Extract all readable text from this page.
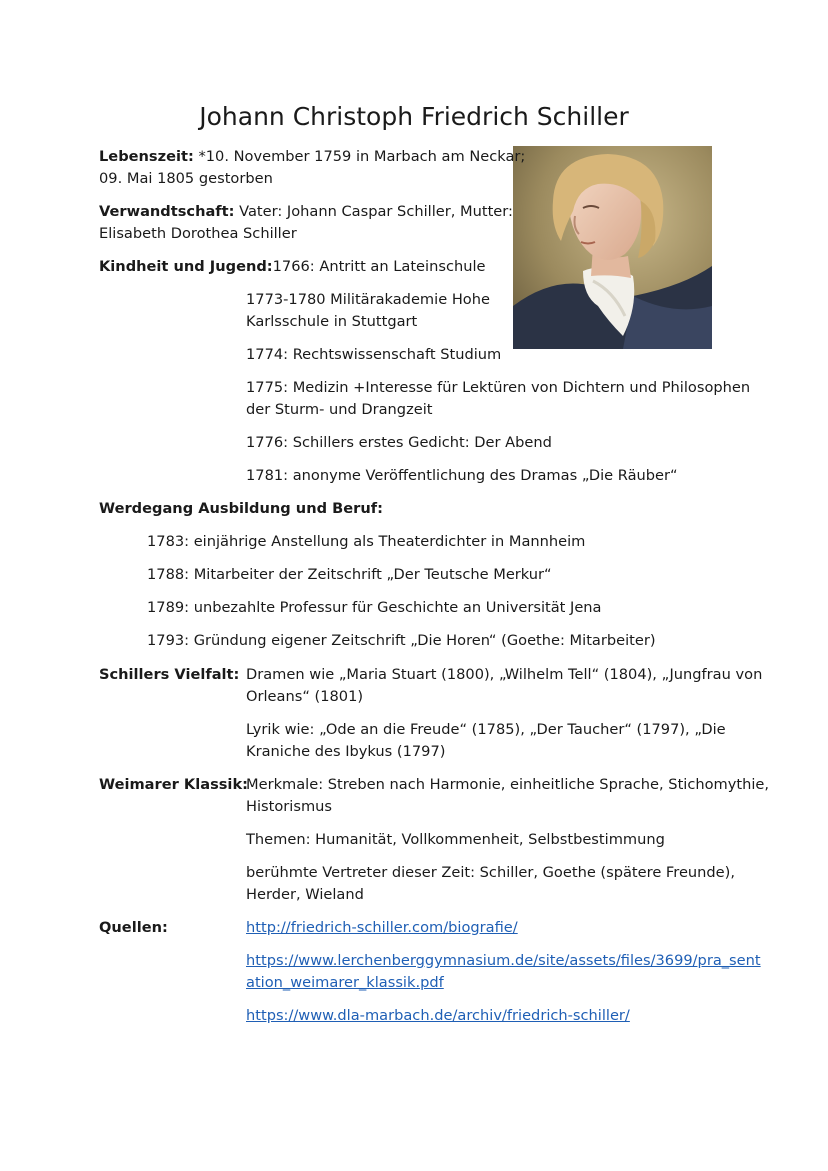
Johann Christoph Friedrich Schiller
Lebenszeit: *10. November 1759 in Marbach am Neckar;
09. Mai 1805 gestorben
Verwandtschaft: Vater: Johann Caspar Schiller, Mutter:
Elisabeth Dorothea Schiller
Kindheit und Jugend:1766: Antritt an Lateinschule
1773-1780 Militärakademie Hohe
Karlsschule in Stuttgart
1774: Rechtswissenschaft Studium
1775: Medizin +Interesse für Lektüren von Dichtern und Philosophen
der Sturm- und Drangzeit
1776: Schillers erstes Gedicht: Der Abend
1781: anonyme Veröffentlichung des Dramas „Die Räuber“
Werdegang Ausbildung und Beruf:
1783: einjährige Anstellung als Theaterdichter in Mannheim
1788: Mitarbeiter der Zeitschrift „Der Teutsche Merkur“
1789: unbezahlte Professur für Geschichte an Universität Jena
1793: Gründung eigener Zeitschrift „Die Horen“ (Goethe: Mitarbeiter)
Schillers Vielfalt: Dramen wie „Maria Stuart (1800), „Wilhelm Tell“ (1804), „Jungfrau von
Orleans“ (1801)
Lyrik wie: „Ode an die Freude“ (1785), „Der Taucher“ (1797), „Die
Kraniche des Ibykus (1797)
Weimarer Klassik:
Merkmale: Streben nach Harmonie, einheitliche Sprache, Stichomythie,
Historismus
Themen: Humanität, Vollkommenheit, Selbstbestimmung
berühmte Vertreter dieser Zeit: Schiller, Goethe (spätere Freunde),
Herder, Wieland
Quellen:	http://friedrich-schiller.com/biografie/
https://www.lerchenberggymnasium.de/site/assets/files/3699/pra_sent
ation_weimarer_klassik.pdf
https://www.dla-marbach.de/archiv/friedrich-schiller/
